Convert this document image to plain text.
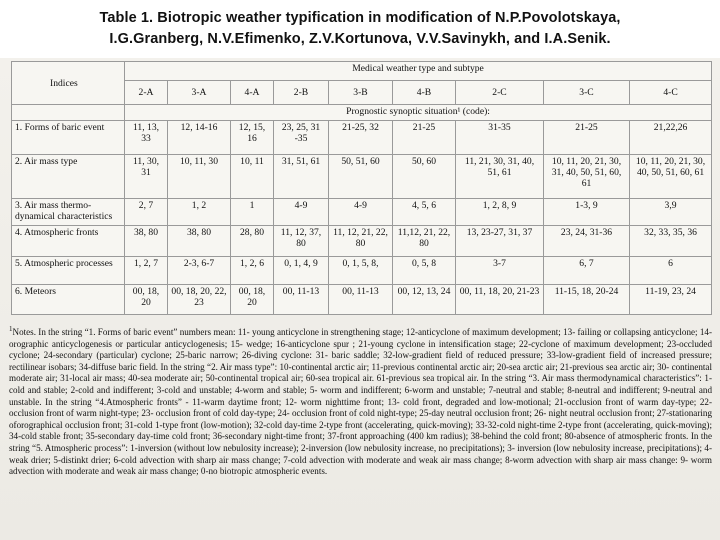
Table 1. Biotropic weather typification in modification of N.P.Povolotskaya,
I.G.Granberg, N.V.Efimenko, Z.V.Kortunova, V.V.Savinykh, and I.A.Senik.
Indices	Medical weather type and subtype								
	2-A	3-A	4-A	2-B	3-B	4-B	2-C	3-C	4-C
	Prognostic synoptic situation¹ (code):								
1. Forms of baric event	11, 13, 33	12, 14-16	12, 15, 16	23, 25, 31 -35	21-25, 32	21-25	31-35	21-25	21,22,26
2. Air mass type	11, 30, 31	10, 11, 30	10, 11	31, 51, 61	50, 51, 60	50, 60	11, 21, 30, 31, 40, 51, 61	10, 11, 20, 21, 30, 31, 40, 50, 51, 60, 61	10, 11, 20, 21, 30, 40, 50, 51, 60, 61
3. Air mass thermo-dynamical characteristics	2, 7	1, 2	1	4-9	4-9	4, 5, 6	1, 2, 8, 9	1-3, 9	3,9
4. Atmospheric fronts	38, 80	38, 80	28, 80	11, 12, 37, 80	11, 12, 21, 22, 80	11,12, 21, 22, 80	13, 23-27, 31, 37	23, 24, 31-36	32, 33, 35, 36
5. Atmospheric processes	1, 2, 7	2-3, 6-7	1, 2, 6	0, 1, 4, 9	0, 1, 5, 8,	0, 5, 8	3-7	6, 7	6
6. Meteors	00, 18, 20	00, 18, 20, 22, 23	00, 18, 20	00, 11-13	00, 11-13	00, 12, 13, 24	00, 11, 18, 20, 21-23	11-15, 18, 20-24	11-19, 23, 24
$^1$Notes. In the string “1. Forms of baric event” numbers mean: 11- young anticyclone in strengthening stage; 12-anticyclone of maximum development; 13- failing or collapsing anticyclone; 14-orographic anticyclogenesis or particular anticyclogenesis; 15- wedge; 16-anticyclone spur ; 21-young cyclone in intensification stage; 22-cyclone of maximum development; 23-occluded cyclone; 24-secondary (particular) cyclone; 25-baric narrow; 26-diving cyclone: 31- baric saddle; 32-low-gradient field of reduced pressure; 33-low-gradient field of increased pressure; rectilinear isobars; 34-diffuse baric field. In the string “2. Air mass type”: 10-continental arctic air; 11-previous continental arctic air; 20-sea arctic air; 21-previous sea arctic air; 30- continental moderate air; 31-local air mass; 40-sea moderate air; 50-continental tropical air; 60-sea tropical air. 61-previous sea tropical air. In the string “3. Air mass thermodynamical characteristics”: 1-cold and stable; 2-cold and indifferent; 3-cold and unstable; 4-worm and stable; 5- worm and indifferent; 6-worm and unstable; 7-neutral and stable; 8-neutral and indifferent; 9-neutral and unstable. In the string “4.Atmospheric fronts” - 11-warm daytime front; 12- worm nighttime front; 13- cold front, degraded and low-motional; 21-occlusion front of warm day-type; 22- occlusion front of warm night-type; 23- occlusion front of cold day-type; 24- occlusion front of cold night-type; 25-day neutral occlusion front; 26- night neutral occlusion front; 27-stationaring oforographical occlusion front; 31-cold 1-type front (low-motion); 32-cold day-time 2-type front (accelerating, quick-moving); 33-32-cold night-time 2-type front (accelerating, quick-moving); 34-cold stable front; 35-secondary day-time cold front; 36-secondary night-time front; 37-front approaching (400 km radius); 38-behind the cold front; 80-absence of atmospheric fronts. In the string “5. Atmospheric process”: 1-inversion (without low nebulosity increase); 2-inversion (low nebulosity increase, no precipitations); 3- inversion (low nebulosity increase, precipitations); 4-weak drier; 5-distinkt drier; 6-cold advection with sharp air mass change; 7-cold advection with moderate and weak air mass change; 8-worm advection with sharp air mass change: 9- worm advection with moderate and weak air mass change; 0-no biotropic atmospheric events.
